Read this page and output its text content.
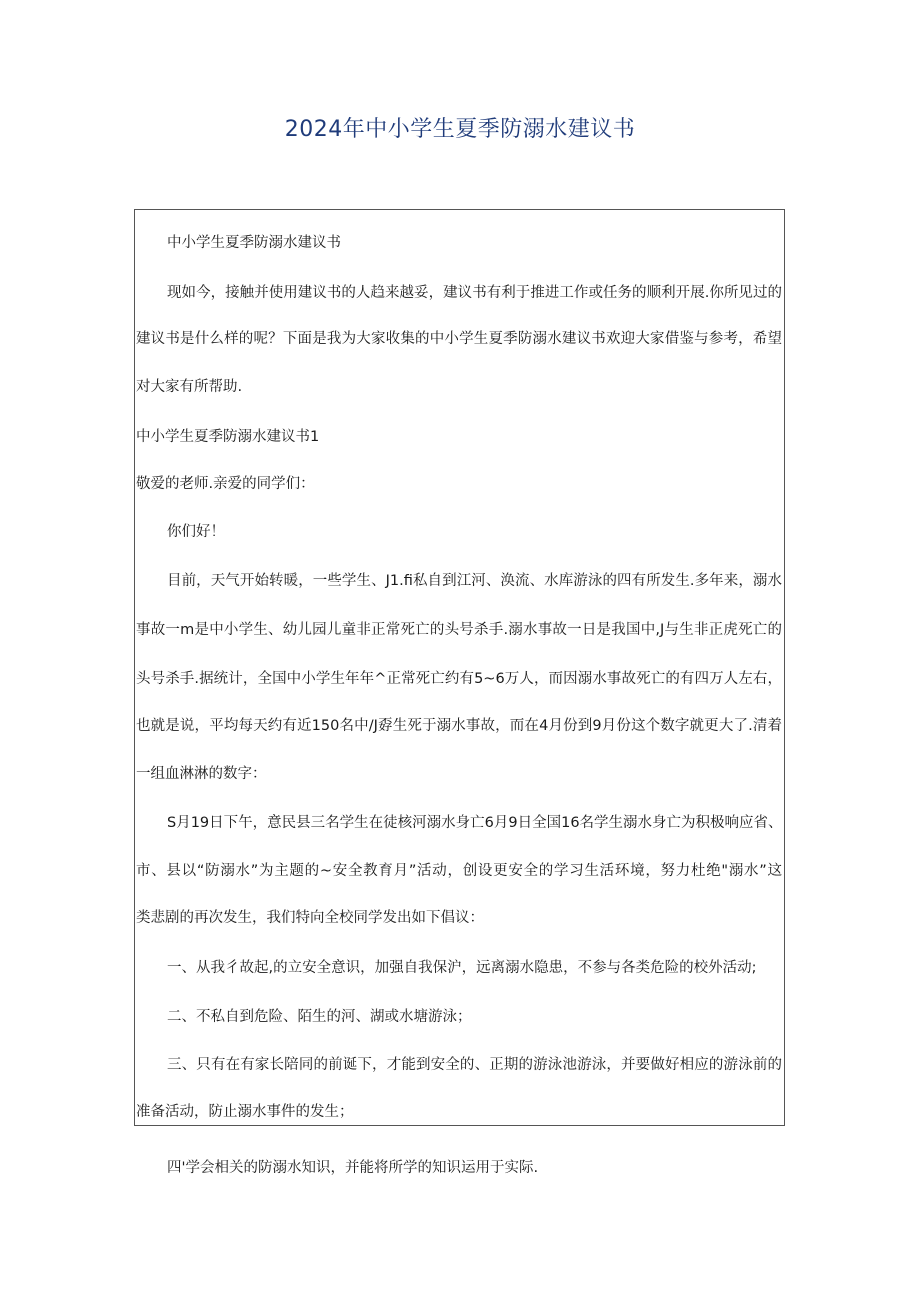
2024年中小学生夏季防溺水建议书
中小学生夏季防溺水建议书
现如今，接触并使用建议书的人趋来越妥，建议书有利于推进工作或任务的顺利开展.你所见过的
建议书是什么样的呢？下面是我为大家收集的中小学生夏季防溺水建议书欢迎大家借鉴与参考，希望
对大家有所帮助.
中小学生夏季防溺水建议书1
敬爱的老师.亲爱的同学们：
你们好！
目前，天气开始转暖，一些学生、J1.fi私自到江河、涣流、水库游泳的四有所发生.多年来，溺水
事故一m是中小学生、幼儿园儿童非正常死亡的头号杀手.溺水事故一日是我国中,J与生非正虎死亡的
头号杀手.据统计，全国中小学生年年^正常死亡约有5~6万人，而因溺水事故死亡的有四万人左右，
也就是说，平均每天约有近150名中/J孬生死于溺水事故，而在4月份到9月份这个数字就更大了.清着
一组血淋淋的数字：
S月19日下午，意民县三名学生在徒核河溺水身亡6月9日全国16名学生溺水身亡为积极响应省、
市、县以“防溺水”为主题的~安全教育月”活动，创设更安全的学习生活环境，努力杜绝"溺水”这
类悲剧的再次发生，我们特向全校同学发出如下倡议：
一、从我彳故起,的立安全意识，加强自我保沪，远离溺水隐患，不参与各类危险的校外活动;
二、不私自到危险、陌生的河、湖或水塘游泳；
三、只有在有家长陪同的前诞下，才能到安全的、正期的游泳池游泳，并要做好相应的游泳前的
准备活动，防止溺水事件的发生；
四'学会相关的防溺水知识，并能将所学的知识运用于实际.
